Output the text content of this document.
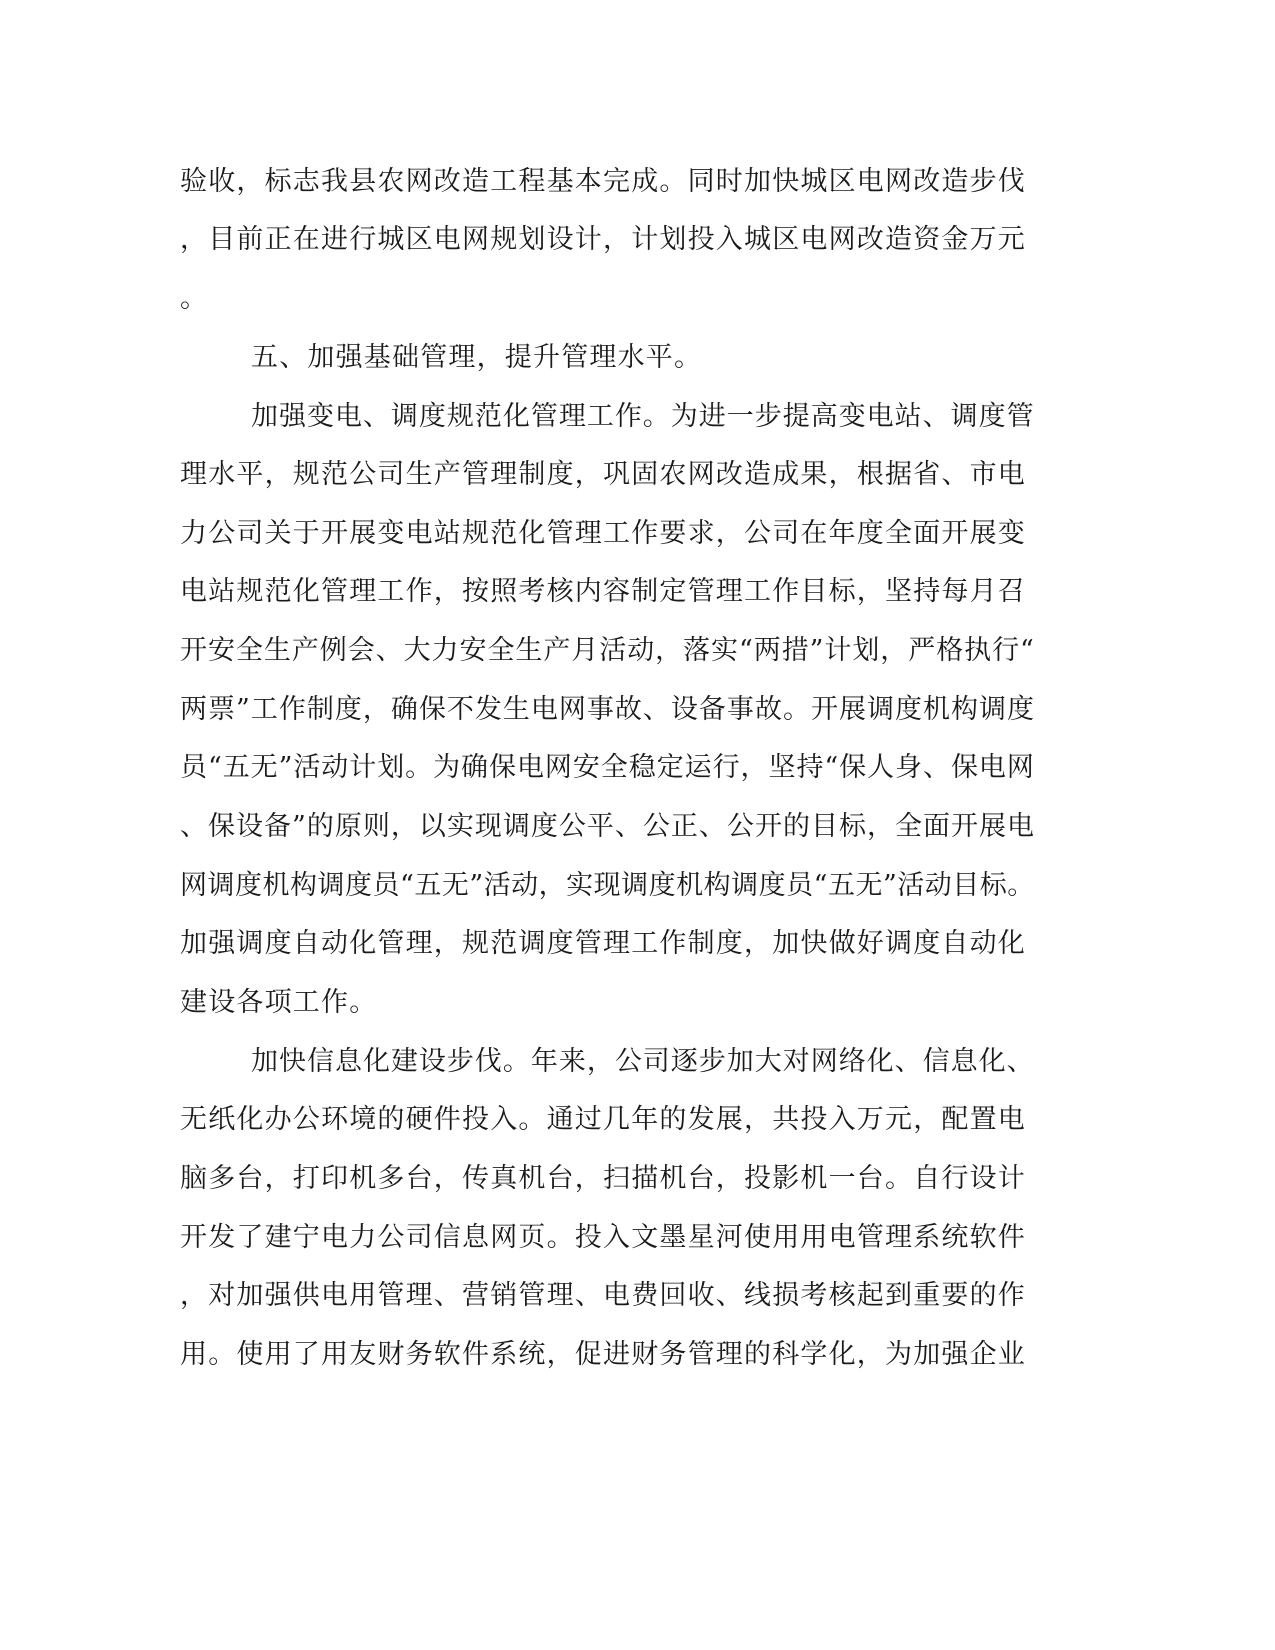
验收，标志我县农网改造工程基本完成。同时加快城区电网改造步伐
，目前正在进行城区电网规划设计，计划投入城区电网改造资金万元
。
五、加强基础管理，提升管理水平。
加强变电、调度规范化管理工作。为进一步提高变电站、调度管
理水平，规范公司生产管理制度，巩固农网改造成果，根据省、市电
力公司关于开展变电站规范化管理工作要求，公司在年度全面开展变
电站规范化管理工作，按照考核内容制定管理工作目标，坚持每月召
开安全生产例会、大力安全生产月活动，落实“两措”计划，严格执行“
两票”工作制度，确保不发生电网事故、设备事故。开展调度机构调度
员“五无”活动计划。为确保电网安全稳定运行，坚持“保人身、保电网
、保设备”的原则，以实现调度公平、公正、公开的目标，全面开展电
网调度机构调度员“五无”活动，实现调度机构调度员“五无”活动目标。
加强调度自动化管理，规范调度管理工作制度，加快做好调度自动化
建设各项工作。
加快信息化建设步伐。年来，公司逐步加大对网络化、信息化、
无纸化办公环境的硬件投入。通过几年的发展，共投入万元，配置电
脑多台，打印机多台，传真机台，扫描机台，投影机一台。自行设计
开发了建宁电力公司信息网页。投入文墨星河使用用电管理系统软件
，对加强供电用管理、营销管理、电费回收、线损考核起到重要的作
用。使用了用友财务软件系统，促进财务管理的科学化，为加强企业
